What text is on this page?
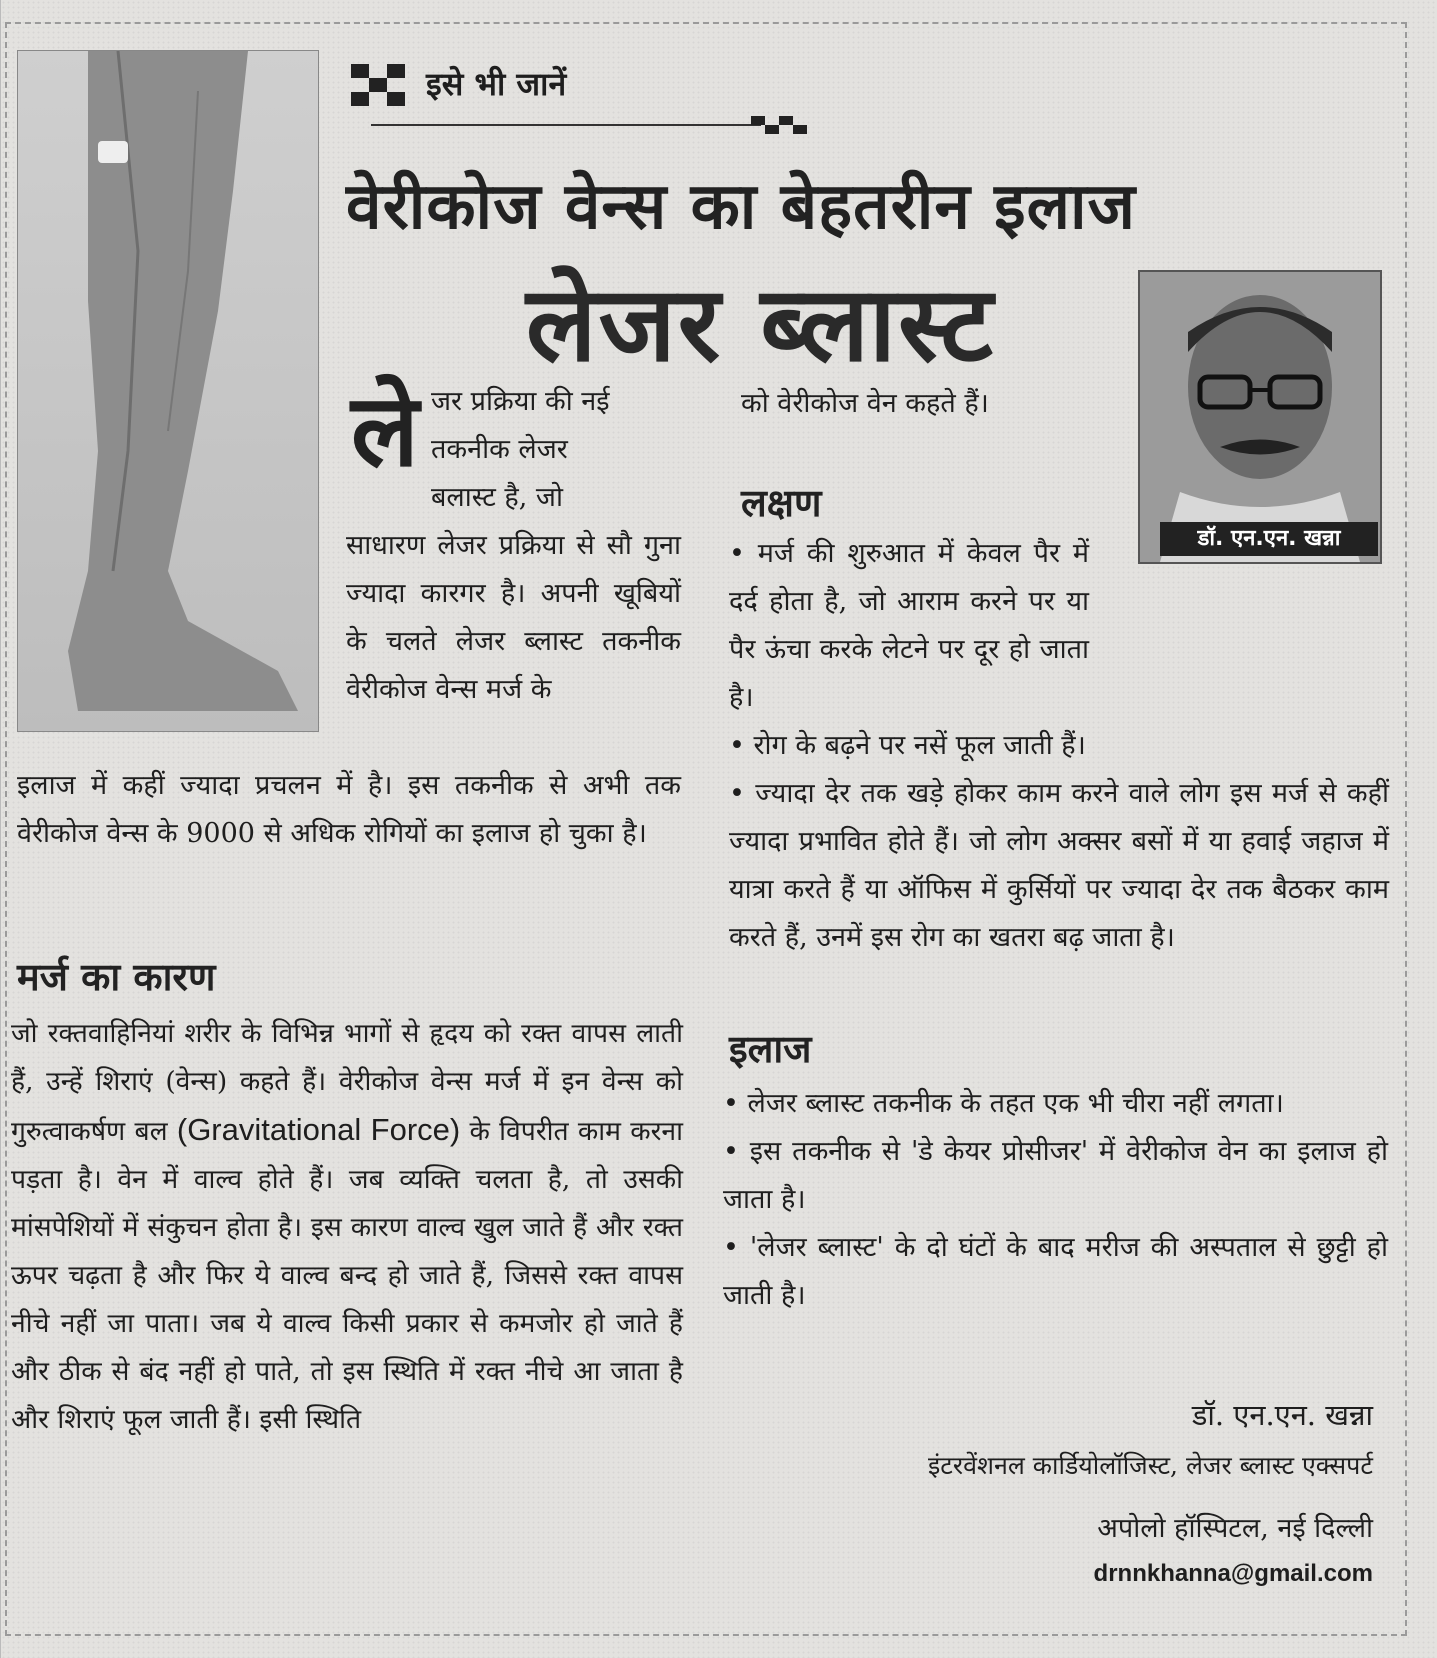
इसे भी जानें
वेरीकोज वेन्स का बेहतरीन इलाज
लेजर ब्लास्ट
डॉ. एन.एन. खन्ना
ले जर प्रक्रिया की नई
तकनीक लेजर
बलास्ट है, जो
साधारण लेजर प्रक्रिया से सौ गुना ज्यादा कारगर है। अपनी खूबियों के चलते लेजर ब्लास्ट तकनीक वेरीकोज वेन्स मर्ज के
इलाज में कहीं ज्यादा प्रचलन में है। इस तकनीक से अभी तक वेरीकोज वेन्स के 9000 से अधिक रोगियों का इलाज हो चुका है।
मर्ज का कारण
जो रक्तवाहिनियां शरीर के विभिन्न भागों से हृदय को रक्त वापस लाती हैं, उन्हें शिराएं (वेन्स) कहते हैं। वेरीकोज वेन्स मर्ज में इन वेन्स को गुरुत्वाकर्षण बल (Gravitational Force) के विपरीत काम करना पड़ता है। वेन में वाल्व होते हैं। जब व्यक्ति चलता है, तो उसकी मांसपेशियों में संकुचन होता है। इस कारण वाल्व खुल जाते हैं और रक्त ऊपर चढ़ता है और फिर ये वाल्व बन्द हो जाते हैं, जिससे रक्त वापस नीचे नहीं जा पाता। जब ये वाल्व किसी प्रकार से कमजोर हो जाते हैं और ठीक से बंद नहीं हो पाते, तो इस स्थिति में रक्त नीचे आ जाता है और शिराएं फूल जाती हैं। इसी स्थिति
को वेरीकोज वेन कहते हैं।
लक्षण

• मर्ज की शुरुआत में केवल पैर में दर्द होता है, जो आराम करने पर या पैर ऊंचा करके लेटने पर दूर हो जाता है।

• रोग के बढ़ने पर नसें फूल जाती हैं।

• ज्यादा देर तक खड़े होकर काम करने वाले लोग इस मर्ज से कहीं ज्यादा प्रभावित होते हैं। जो लोग अक्सर बसों में या हवाई जहाज में यात्रा करते हैं या ऑफिस में कुर्सियों पर ज्यादा देर तक बैठकर काम करते हैं, उनमें इस रोग का खतरा बढ़ जाता है।

इलाज

• लेजर ब्लास्ट तकनीक के तहत एक भी चीरा नहीं लगता।

• इस तकनीक से 'डे केयर प्रोसीजर' में वेरीकोज वेन का इलाज हो जाता है।

• 'लेजर ब्लास्ट' के दो घंटों के बाद मरीज की अस्पताल से छुट्टी हो जाती है।

डॉ. एन.एन. खन्ना
इंटरवेंशनल कार्डियोलॉजिस्ट, लेजर ब्लास्ट एक्सपर्ट
अपोलो हॉस्पिटल, नई दिल्ली
drnnkhanna@gmail.com
